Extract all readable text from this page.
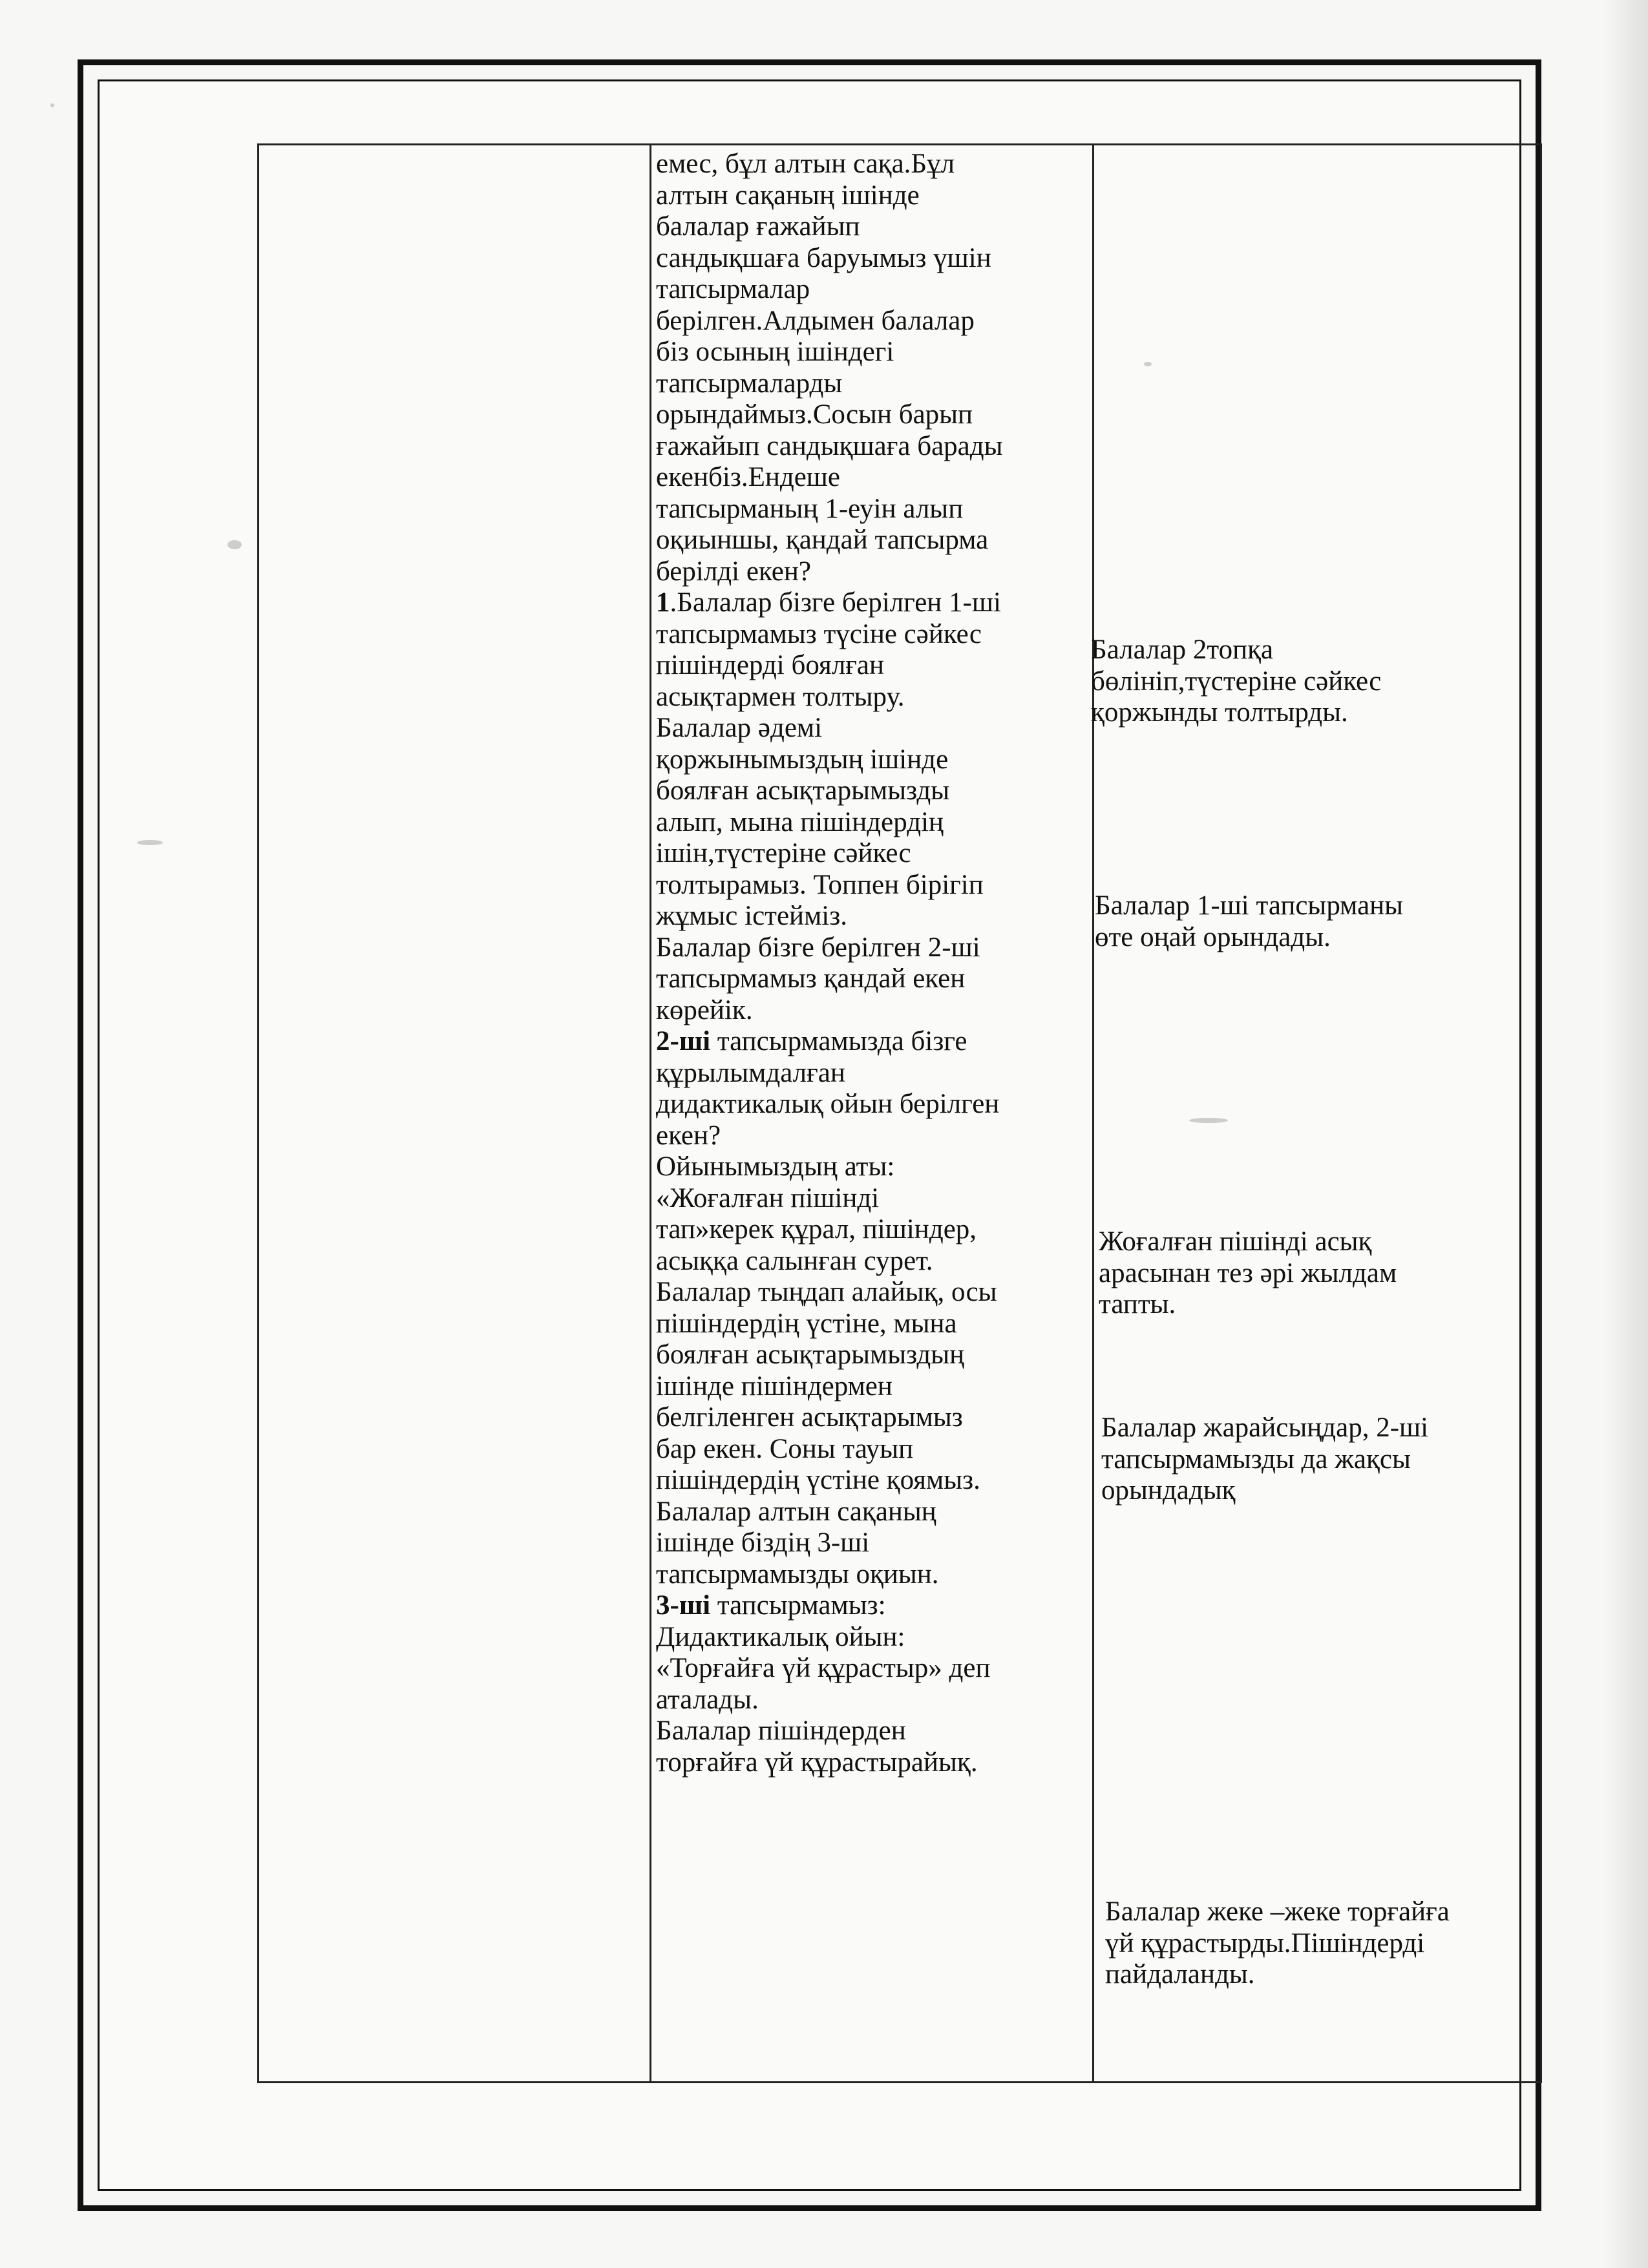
емес, бұл алтын сақа.Бұл
алтын сақаның ішінде
балалар ғажайып
сандықшаға баруымыз үшін
тапсырмалар
берілген.Алдымен балалар
біз осының ішіндегі
тапсырмаларды
орындаймыз.Сосын барып
ғажайып сандықшаға барады
екенбіз.Ендеше
тапсырманың 1-еуін алып
оқиыншы, қандай тапсырма
берілді екен?
1.Балалар бізге берілген 1-ші
тапсырмамыз түсіне сәйкес
пішіндерді боялған
асықтармен толтыру.
Балалар әдемі
қоржынымыздың ішінде
боялған асықтарымызды
алып, мына пішіндердің
ішін,түстеріне сәйкес
толтырамыз. Топпен бірігіп
жұмыс істейміз.
Балалар бізге берілген 2-ші
тапсырмамыз қандай екен
көрейік.
2-ші тапсырмамызда бізге
құрылымдалған
дидактикалық ойын берілген
екен?
Ойынымыздың аты:
«Жоғалған пішінді
тап»керек құрал, пішіндер,
асыққа салынған сурет.
Балалар тыңдап алайық, осы
пішіндердің үстіне, мына
боялған асықтарымыздың
ішінде пішіндермен
белгіленген асықтарымыз
бар екен. Соны тауып
пішіндердің үстіне қоямыз.
Балалар алтын сақаның
ішінде біздің 3-ші
тапсырмамызды оқиын.
3-ші тапсырмамыз:
Дидактикалық ойын:
«Торғайға үй құрастыр» деп
аталады.
Балалар пішіндерден
торғайға үй құрастырайық.
Балалар 2топқа
бөлініп,түстеріне сәйкес
қоржынды толтырды.
Балалар 1-ші тапсырманы
өте оңай орындады.
Жоғалған пішінді асық
арасынан тез әрі жылдам
тапты.
Балалар жарайсыңдар, 2-ші
тапсырмамызды да жақсы
орындадық
Балалар жеке –жеке торғайға
үй құрастырды.Пішіндерді
пайдаланды.
